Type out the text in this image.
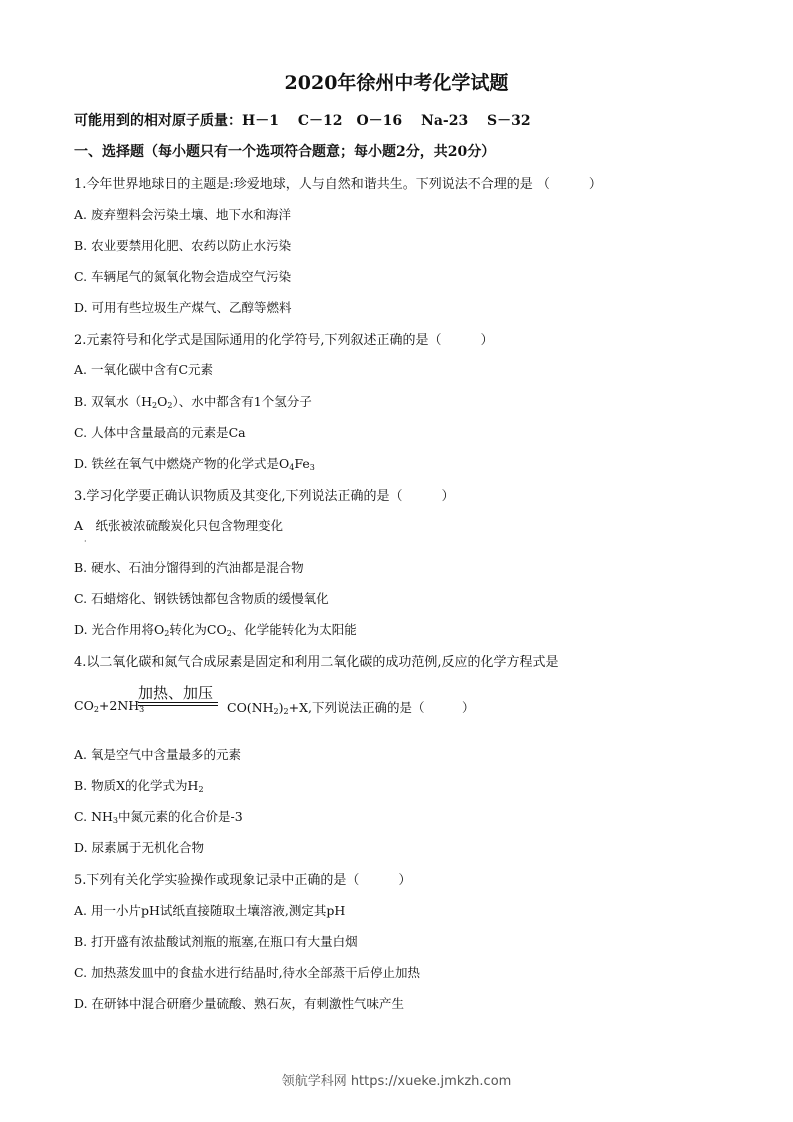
2020年徐州中考化学试题
可能用到的相对原子质量：H－1　 C－12　O－16　 Na-23　 S－32
一、选择题（每小题只有一个选项符合题意；每小题2分，共20分）
1.今年世界地球日的主题是:珍爱地球，人与自然和谐共生。下列说法不合理的是 （　　　）
A. 废弃塑料会污染土壤、地下水和海洋
B. 农业要禁用化肥、农药以防止水污染
C. 车辆尾气的氮氧化物会造成空气污染
D. 可用有些垃圾生产煤气、乙醇等燃料
2.元素符号和化学式是国际通用的化学符号,下列叙述正确的是（　　　）
A. 一氧化碳中含有C元素
B. 双氧水$(H_2O_2)$、水中都含有1个氢分子
C. 人体中含量最高的元素是Ca
D. 铁丝在氧气中燃烧产物的化学式是$O_4Fe_3$
3.学习化学要正确认识物质及其变化,下列说法正确的是（　　　）
A　纸张被浓硫酸炭化只包含物理变化
·
B. 硬水、石油分馏得到的汽油都是混合物
C. 石蜡熔化、钢铁锈蚀都包含物质的缓慢氧化
D. 光合作用将$O_2$转化为$CO_2$、化学能转化为太阳能
4.以二氧化碳和氮气合成尿素是固定和利用二氧化碳的成功范例,反应的化学方程式是
加热、加压
$CO_2+2NH_3$	$CO(NH_2)_2+X$,下列说法正确的是（　　　）
A. 氧是空气中含量最多的元素
B. 物质X的化学式为$H_2$
C. $NH_3$中氮元素的化合价是-3
D. 尿素属于无机化合物
5.下列有关化学实验操作或现象记录中正确的是（　　　）
A. 用一小片pH试纸直接随取土壤溶液,测定其pH
B. 打开盛有浓盐酸试剂瓶的瓶塞,在瓶口有大量白烟
C. 加热蒸发皿中的食盐水进行结晶时,待水全部蒸干后停止加热
D. 在研钵中混合研磨少量硫酸、熟石灰，有刺激性气味产生
领航学科网 https://xueke.jmkzh.com
